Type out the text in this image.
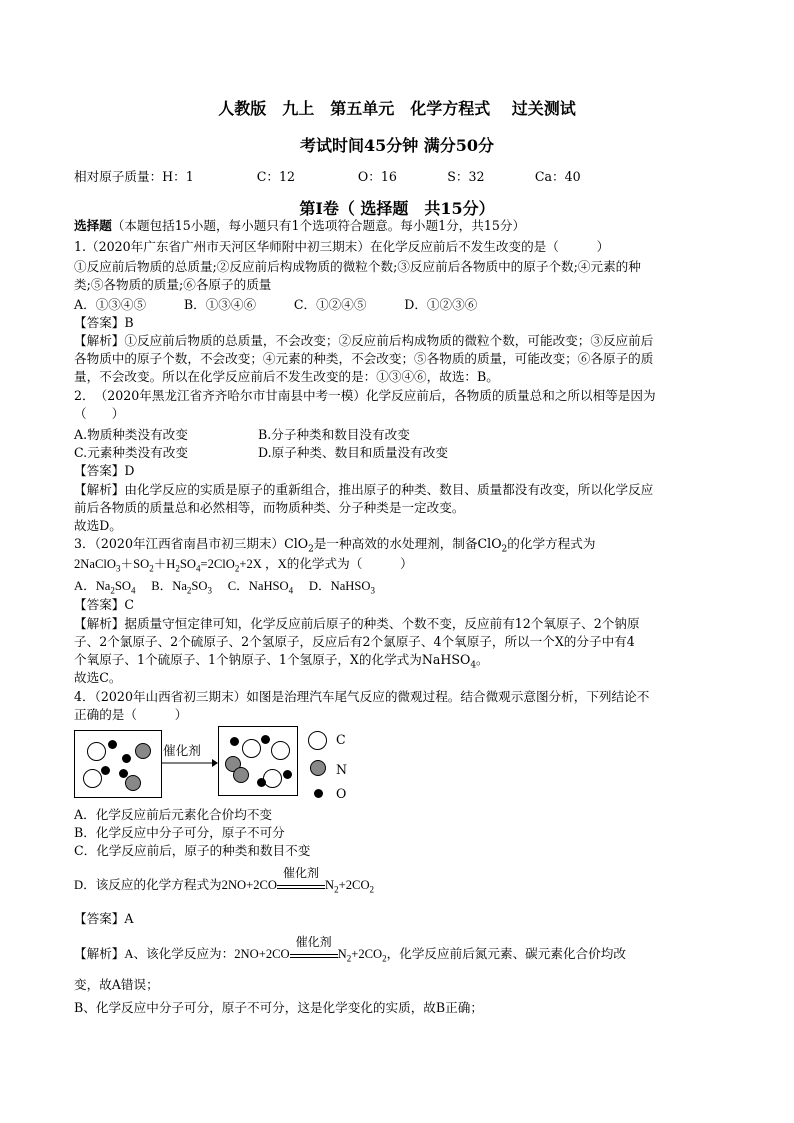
人教版　九上　第五单元　化学方程式　 过关测试
考试时间45分钟 满分50分
相对原子质量：H：1　　　　　C：12　　　　　O：16　　　　S：32　　　　Ca：40
第Ⅰ卷（ 选择题　共15分）
选择题（本题包括15小题，每小题只有1个选项符合题意。每小题1分，共15分）
1.（2020年广东省广州市天河区华师附中初三期末）在化学反应前后不发生改变的是（　　　）
①反应前后物质的总质量;②反应前后构成物质的微粒个数;③反应前后各物质中的原子个数;④元素的种
类;⑤各物质的质量;⑥各原子的质量
A．①③④⑤　　　B．①③④⑥　　　C．①②④⑤　　　D．①②③⑥
【答案】B
【解析】①反应前后物质的总质量，不会改变；②反应前后构成物质的微粒个数，可能改变；③反应前后
各物质中的原子个数，不会改变；④元素的种类，不会改变；⑤各物质的质量，可能改变；⑥各原子的质
量，不会改变。所以在化学反应前后不发生改变的是：①③④⑥，故选：B。
2．　（2020年黑龙江省齐齐哈尔市甘南县中考一模）化学反应前后，各物质的质量总和之所以相等是因为
（　　）
A.物质种类没有改变	B.分子种类和数目没有改变
C.元素种类没有改变	D.原子种类、数目和质量没有改变
【答案】D
【解析】由化学反应的实质是原子的重新组合，推出原子的种类、数目、质量都没有改变，所以化学反应
前后各物质的质量总和必然相等，而物质种类、分子种类是一定改变。
故选D。
3．（2020年江西省南昌市初三期末）ClO$_2$是一种高效的水处理剂，制备ClO$_2$的化学方程式为
$2NaClO_3+SO_2+H_2SO_4=2ClO_2+2X$ ，X的化学式为（　　　）
A．$Na_2SO_4$　 B．$Na_2SO_3$　 C．NaHSO$_4$　 D．NaHSO$_3$
【答案】C
【解析】据质量守恒定律可知，化学反应前后原子的种类、个数不变，反应前有12个氧原子、2个钠原
子、2个氯原子、2个硫原子、2个氢原子，反应后有2个氯原子、4个氧原子，所以一个X的分子中有4
个氧原子、1个硫原子、1个钠原子、1个氢原子，X的化学式为NaHSO$_4$。
故选C。
4．（2020年山西省初三期末）如图是治理汽车尾气反应的微观过程。结合微观示意图分析，下列结论不
正确的是（　　　）
催化剂
C
N
O
A．化学反应前后元素化合价均不变
B．化学反应中分子可分，原子不可分
C．化学反应前后，原子的种类和数目不变
D．该反应的化学方程式为2NO+2CO
催化剂
$N_2+2CO_2$
【答案】A
【解析】A、该化学反应为：2NO+2CO
催化剂
$N_2+2CO_2$，化学反应前后氮元素、碳元素化合价均改
变，故A错误；
B、化学反应中分子可分，原子不可分，这是化学变化的实质，故B正确；
